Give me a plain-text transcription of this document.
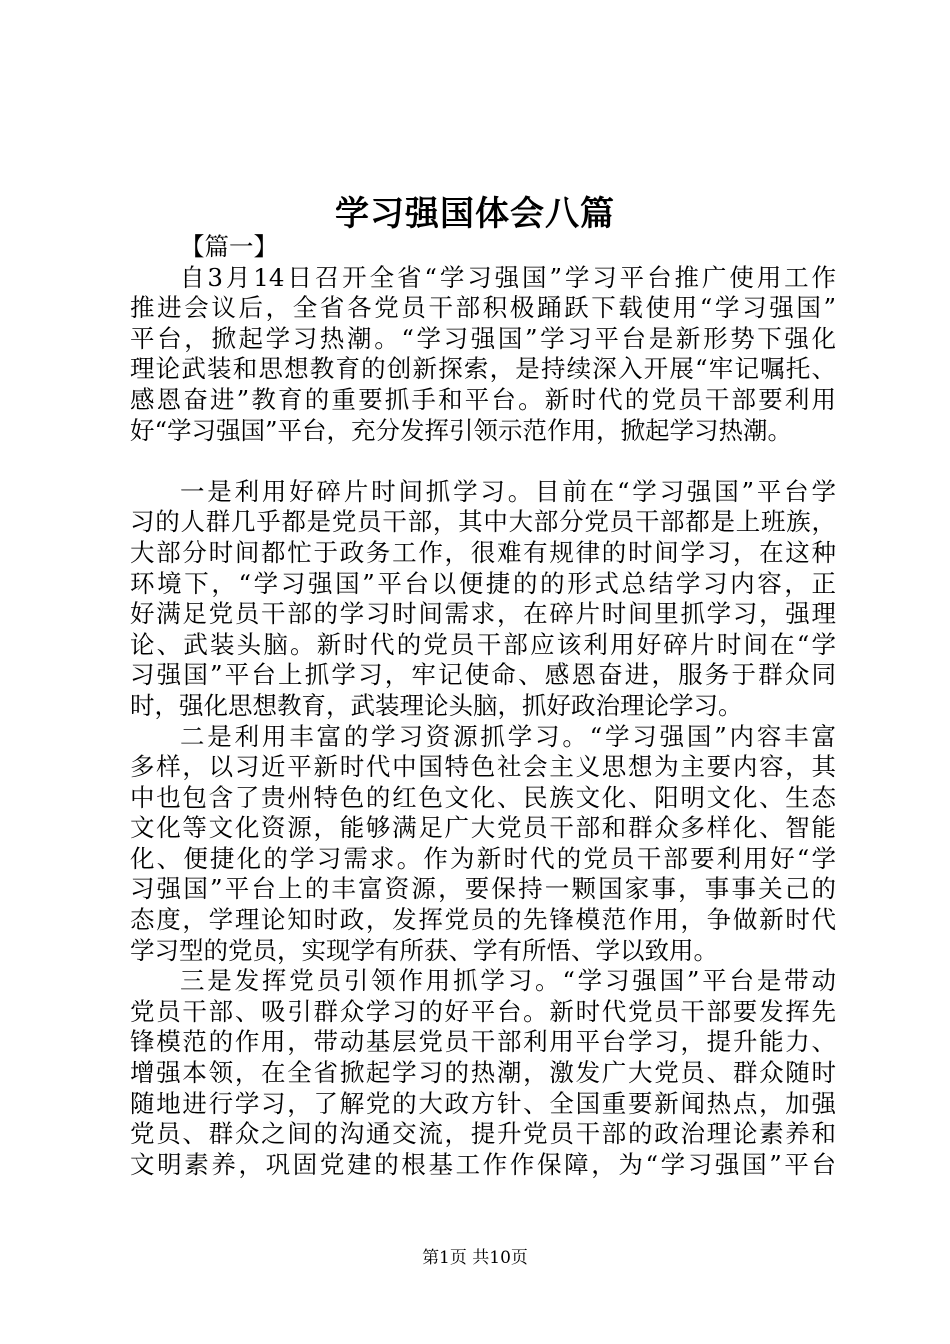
学习强国体会八篇
【篇一】
自3月14日召开全省“学习强国”学习平台推广使用工作
推进会议后，全省各党员干部积极踊跃下载使用“学习强国”
平台，掀起学习热潮。“学习强国”学习平台是新形势下强化
理论武装和思想教育的创新探索，是持续深入开展“牢记嘱托、
感恩奋进”教育的重要抓手和平台。新时代的党员干部要利用
好“学习强国”平台，充分发挥引领示范作用，掀起学习热潮。
一是利用好碎片时间抓学习。目前在“学习强国”平台学
习的人群几乎都是党员干部，其中大部分党员干部都是上班族，
大部分时间都忙于政务工作，很难有规律的时间学习，在这种
环境下，“学习强国”平台以便捷的的形式总结学习内容，正
好满足党员干部的学习时间需求，在碎片时间里抓学习，强理
论、武装头脑。新时代的党员干部应该利用好碎片时间在“学
习强国”平台上抓学习，牢记使命、感恩奋进，服务于群众同
时，强化思想教育，武装理论头脑，抓好政治理论学习。
二是利用丰富的学习资源抓学习。“学习强国”内容丰富
多样，以习近平新时代中国特色社会主义思想为主要内容，其
中也包含了贵州特色的红色文化、民族文化、阳明文化、生态
文化等文化资源，能够满足广大党员干部和群众多样化、智能
化、便捷化的学习需求。作为新时代的党员干部要利用好“学
习强国”平台上的丰富资源，要保持一颗国家事，事事关己的
态度，学理论知时政，发挥党员的先锋模范作用，争做新时代
学习型的党员，实现学有所获、学有所悟、学以致用。
三是发挥党员引领作用抓学习。“学习强国”平台是带动
党员干部、吸引群众学习的好平台。新时代党员干部要发挥先
锋模范的作用，带动基层党员干部利用平台学习，提升能力、
增强本领，在全省掀起学习的热潮，激发广大党员、群众随时
随地进行学习，了解党的大政方针、全国重要新闻热点，加强
党员、群众之间的沟通交流，提升党员干部的政治理论素养和
文明素养，巩固党建的根基工作作保障，为“学习强国”平台

第1页 共10页
